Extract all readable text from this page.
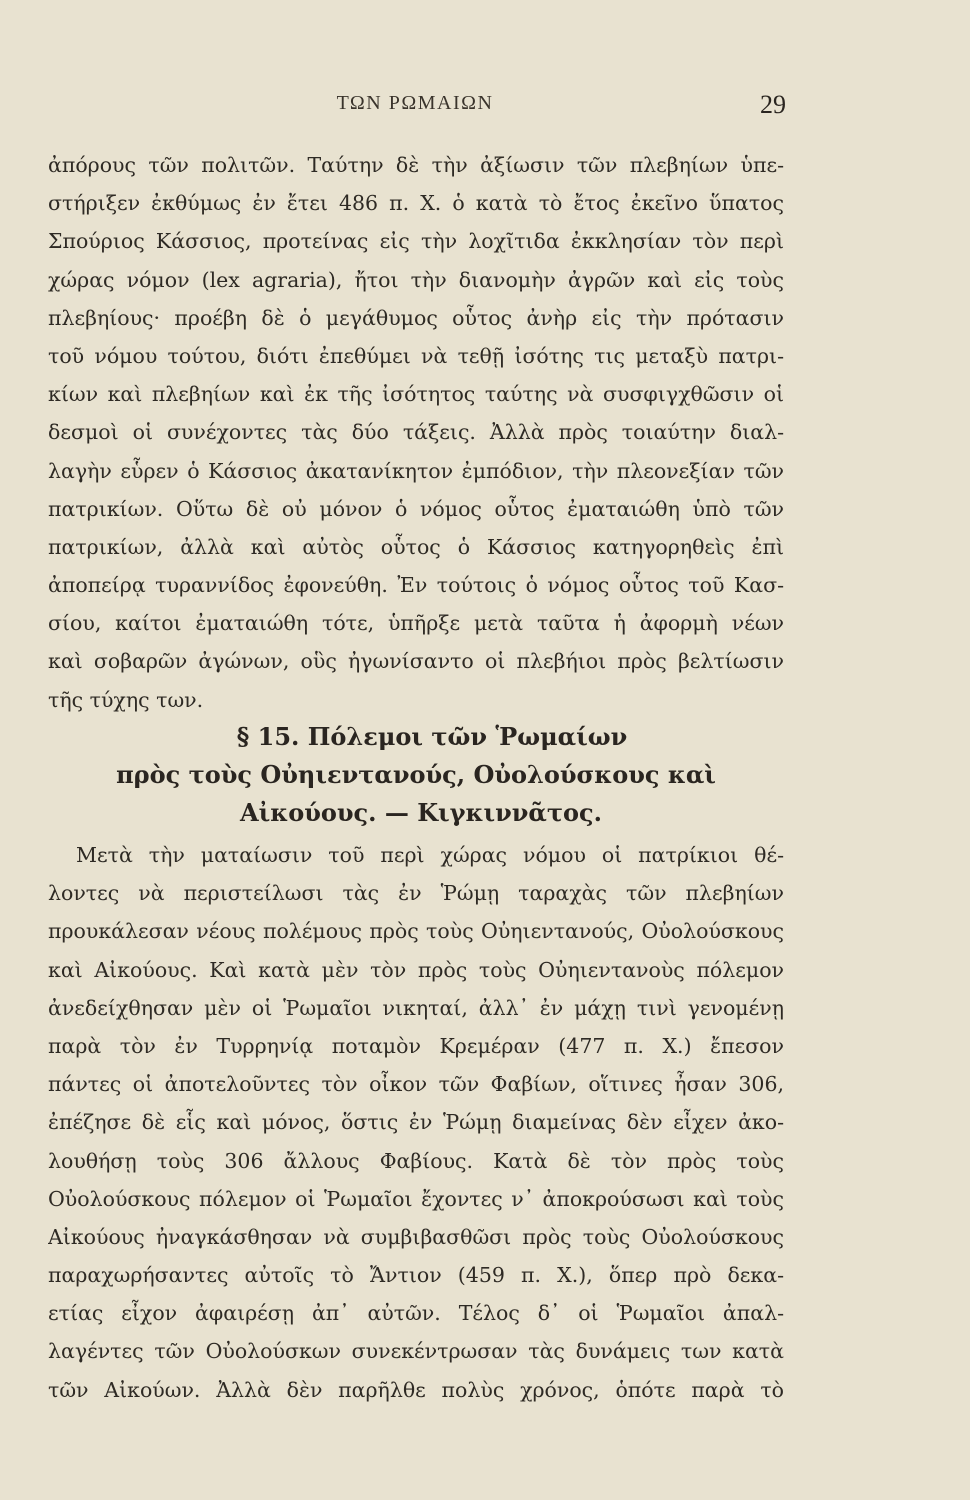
ΤΩΝ ΡΩΜΑΙΩΝ	29
ἀπόρους τῶν πολιτῶν. Ταύτην δὲ τὴν ἀξίωσιν τῶν πλεβηίων ὑπε-
στήριξεν ἐκθύμως ἐν ἔτει 486 π. Χ. ὁ κατὰ τὸ ἔτος ἐκεῖνο ὕπατος
Σπούριος Κάσσιος, προτείνας εἰς τὴν λοχῖτιδα ἐκκλησίαν τὸν περὶ
χώρας νόμον (lex agraria), ἤτοι τὴν διανομὴν ἀγρῶν καὶ εἰς τοὺς
πλεβηίους· προέβη δὲ ὁ μεγάθυμος οὗτος ἀνὴρ εἰς τὴν πρότασιν
τοῦ νόμου τούτου, διότι ἐπεθύμει νὰ τεθῇ ἰσότης τις μεταξὺ πατρι-
κίων καὶ πλεβηίων καὶ ἐκ τῆς ἰσότητος ταύτης νὰ συσφιγχθῶσιν οἱ
δεσμοὶ οἱ συνέχοντες τὰς δύο τάξεις. Ἀλλὰ πρὸς τοιαύτην διαλ-
λαγὴν εὗρεν ὁ Κάσσιος ἀκατανίκητον ἐμπόδιον, τὴν πλεονεξίαν τῶν
πατρικίων. Οὕτω δὲ οὐ μόνον ὁ νόμος οὗτος ἐματαιώθη ὑπὸ τῶν
πατρικίων, ἀλλὰ καὶ αὐτὸς οὗτος ὁ Κάσσιος κατηγορηθεὶς ἐπὶ
ἀποπείρᾳ τυραννίδος ἐφονεύθη. Ἐν τούτοις ὁ νόμος οὗτος τοῦ Κασ-
σίου, καίτοι ἐματαιώθη τότε, ὑπῆρξε μετὰ ταῦτα ἡ ἀφορμὴ νέων
καὶ σοβαρῶν ἀγώνων, οὓς ἠγωνίσαντο οἱ πλεβήιοι πρὸς βελτίωσιν
τῆς τύχης των.
§ 15. Πόλεμοι τῶν Ῥωμαίων
πρὸς τοὺς Οὐηιεντανούς, Οὐολούσκους καὶ
Αἰκούους. — Κιγκιννᾶτος.
Μετὰ τὴν ματαίωσιν τοῦ περὶ χώρας νόμου οἱ πατρίκιοι θέ-
λοντες νὰ περιστείλωσι τὰς ἐν Ῥώμῃ ταραχὰς τῶν πλεβηίων
προυκάλεσαν νέους πολέμους πρὸς τοὺς Οὐηιεντανούς, Οὐολούσκους
καὶ Αἰκούους. Καὶ κατὰ μὲν τὸν πρὸς τοὺς Οὐηιεντανοὺς πόλεμον
ἀνεδείχθησαν μὲν οἱ Ῥωμαῖοι νικηταί, ἀλλ᾽ ἐν μάχῃ τινὶ γενομένῃ
παρὰ τὸν ἐν Τυρρηνίᾳ ποταμὸν Κρεμέραν (477 π. Χ.) ἔπεσον
πάντες οἱ ἀποτελοῦντες τὸν οἶκον τῶν Φαβίων, οἵτινες ἦσαν 306,
ἐπέζησε δὲ εἷς καὶ μόνος, ὅστις ἐν Ῥώμῃ διαμείνας δὲν εἶχεν ἀκο-
λουθήσῃ τοὺς 306 ἄλλους Φαβίους. Κατὰ δὲ τὸν πρὸς τοὺς
Οὐολούσκους πόλεμον οἱ Ῥωμαῖοι ἔχοντες ν᾽ ἀποκρούσωσι καὶ τοὺς
Αἰκούους ἠναγκάσθησαν νὰ συμβιβασθῶσι πρὸς τοὺς Οὐολούσκους
παραχωρήσαντες αὐτοῖς τὸ Ἄντιον (459 π. Χ.), ὅπερ πρὸ δεκα-
ετίας εἶχον ἀφαιρέσῃ ἀπ᾽ αὐτῶν. Τέλος δ᾽ οἱ Ῥωμαῖοι ἀπαλ-
λαγέντες τῶν Οὐολούσκων συνεκέντρωσαν τὰς δυνάμεις των κατὰ
τῶν Αἰκούων. Ἀλλὰ δὲν παρῆλθε πολὺς χρόνος, ὁπότε παρὰ τὸ
